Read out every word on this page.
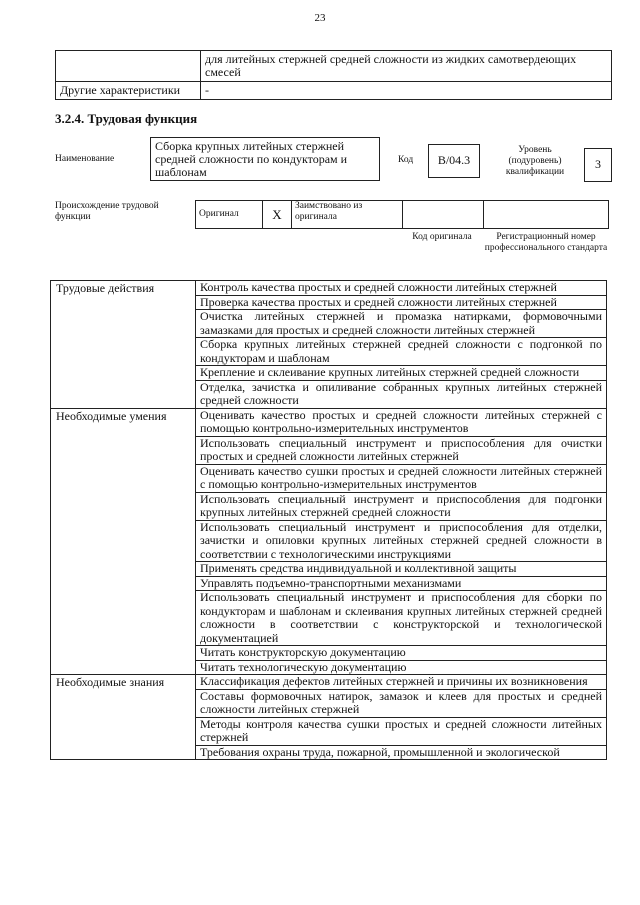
23
	для литейных стержней средней сложности из жидких самотвердеющих смесей
Другие характеристики	-
3.2.4. Трудовая функция
Наименование
Сборка крупных литейных стержней средней сложности по кондукторам и шаблонам
Код	B/04.3
Уровень (подуровень) квалификации
3
Происхождение трудовой функции	Оригинал	X	Заимствовано из оригинала		
Код оригинала	Регистрационный номер профессионального стандарта
Трудовые действия	Контроль качества простых и средней сложности литейных стержней
	Проверка качества простых и средней сложности литейных стержней
	Очистка литейных стержней и промазка натирками, формовочными замазками для простых и средней сложности литейных стержней
	Сборка крупных литейных стержней средней сложности с подгонкой по кондукторам и шаблонам
	Крепление и склеивание крупных литейных стержней средней сложности
	Отделка, зачистка и опиливание собранных крупных литейных стержней средней сложности
Необходимые умения	Оценивать качество простых и средней сложности литейных стержней с помощью контрольно-измерительных инструментов
	Использовать специальный инструмент и приспособления для очистки простых и средней сложности литейных стержней
	Оценивать качество сушки простых и средней сложности литейных стержней с помощью контрольно-измерительных инструментов
	Использовать специальный инструмент и приспособления для подгонки крупных литейных стержней средней сложности
	Использовать специальный инструмент и приспособления для отделки, зачистки и опиловки крупных литейных стержней средней сложности в соответствии с технологическими инструкциями
	Применять средства индивидуальной и коллективной защиты
	Управлять подъемно-транспортными механизмами
	Использовать специальный инструмент и приспособления для сборки по кондукторам и шаблонам и склеивания крупных литейных стержней средней сложности в соответствии с конструкторской и технологической документацией
	Читать конструкторскую документацию
	Читать технологическую документацию
Необходимые знания	Классификация дефектов литейных стержней и причины их возникновения
	Составы формовочных натирок, замазок и клеев для простых и средней сложности литейных стержней
	Методы контроля качества сушки простых и средней сложности литейных стержней
	Требования охраны труда, пожарной, промышленной и экологической
